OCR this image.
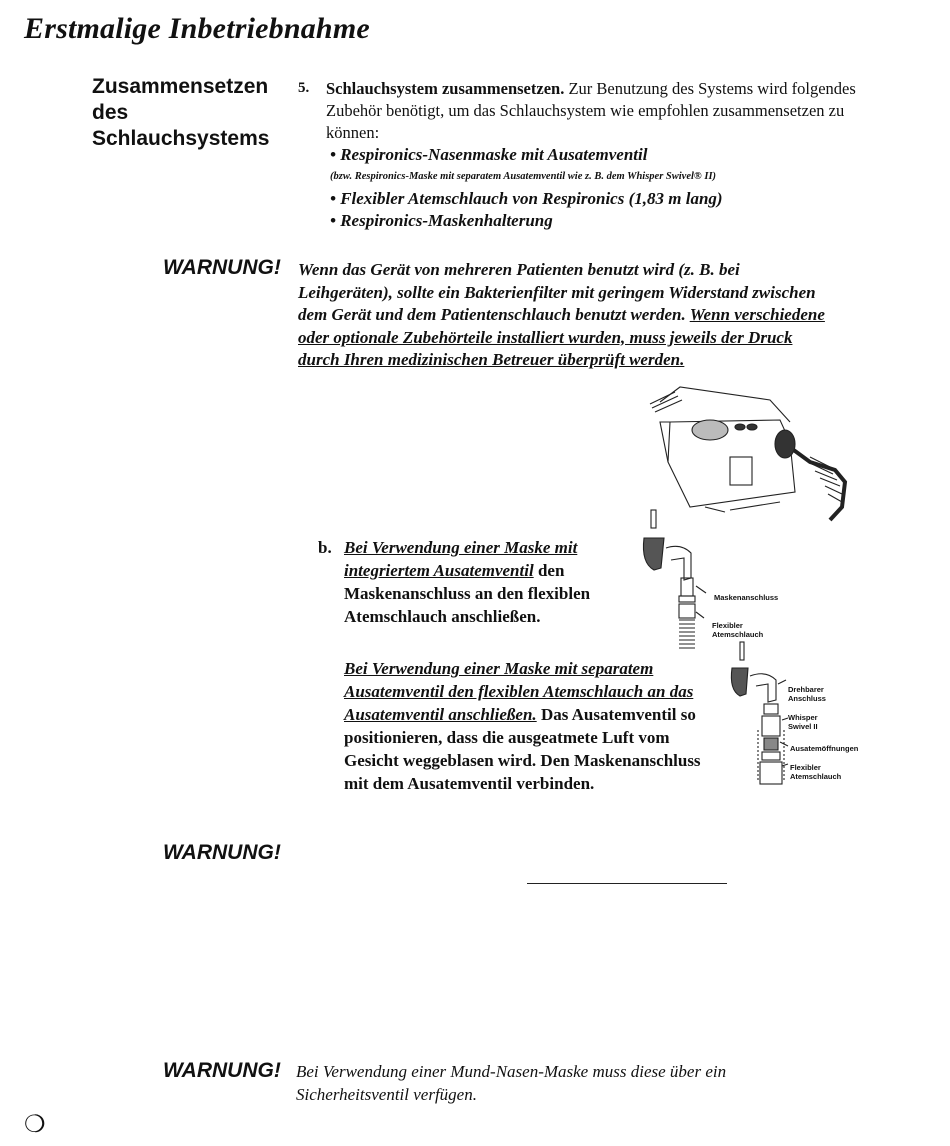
Erstmalige Inbetriebnahme
Zusammensetzen
des
Schlauchsystems
5. Schlauchsystem zusammensetzen. Zur Benutzung des Systems wird folgendes Zubehör benötigt, um das Schlauchsystem wie empfohlen zusammensetzen zu können:
• Respironics-Nasenmaske mit Ausatemventil
(bzw. Respironics-Maske mit separatem Ausatemventil wie z. B. dem Whisper Swivel® II)
• Flexibler Atemschlauch von Respironics (1,83 m lang)
• Respironics-Maskenhalterung
WARNUNG! Wenn das Gerät von mehreren Patienten benutzt wird (z. B. bei Leihgeräten), sollte ein Bakterienfilter mit geringem Widerstand zwischen dem Gerät und dem Patientenschlauch benutzt werden. Wenn verschiedene oder optionale Zubehörteile installiert wurden, muss jeweils der Druck durch Ihren medizinischen Betreuer überprüft werden.
b. Bei Verwendung einer Maske mit integriertem Ausatemventil den Maskenanschluss an den flexiblen Atemschlauch anschließen.
Bei Verwendung einer Maske mit separatem Ausatemventil den flexiblen Atemschlauch an das Ausatemventil anschließen. Das Ausatemventil so positionieren, dass die ausgeatmete Luft vom Gesicht weggeblasen wird. Den Maskenanschluss mit dem Ausatemventil verbinden.
Maskenanschluss
Flexibler
Atemschlauch
Drehbarer
Anschluss
Whisper
Swivel II
Ausatemöffnungen
Flexibler
Atemschlauch
WARNUNG!
WARNUNG! Bei Verwendung einer Mund-Nasen-Maske muss diese über ein Sicherheitsventil verfügen.
❍
